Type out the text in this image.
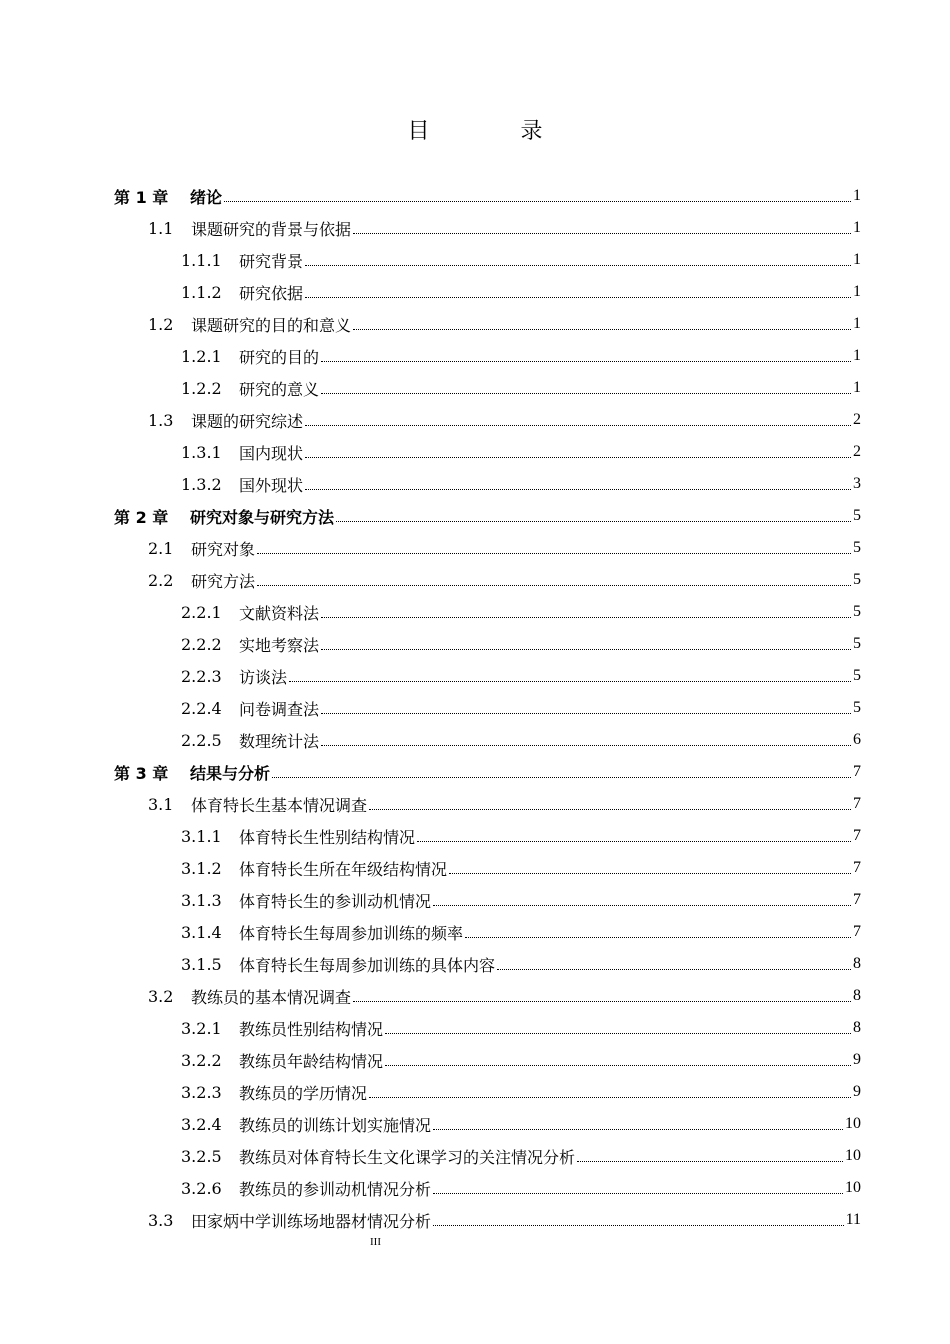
目 录
第 1 章	绪论	1
1.1	课题研究的背景与依据	1
1.1.1	研究背景	1
1.1.2	研究依据	1
1.2	课题研究的目的和意义	1
1.2.1	研究的目的	1
1.2.2	研究的意义	1
1.3	课题的研究综述	2
1.3.1	国内现状	2
1.3.2	国外现状	3
第 2 章	研究对象与研究方法	5
2.1	研究对象	5
2.2	研究方法	5
2.2.1	文献资料法	5
2.2.2	实地考察法	5
2.2.3	访谈法	5
2.2.4	问卷调查法	5
2.2.5	数理统计法	6
第 3 章	结果与分析	7
3.1	体育特长生基本情况调查	7
3.1.1	体育特长生性别结构情况	7
3.1.2	体育特长生所在年级结构情况	7
3.1.3	体育特长生的参训动机情况	7
3.1.4	体育特长生每周参加训练的频率	7
3.1.5	体育特长生每周参加训练的具体内容	8
3.2	教练员的基本情况调查	8
3.2.1	教练员性别结构情况	8
3.2.2	教练员年龄结构情况	9
3.2.3	教练员的学历情况	9
3.2.4	教练员的训练计划实施情况	10
3.2.5	教练员对体育特长生文化课学习的关注情况分析	10
3.2.6	教练员的参训动机情况分析	10
3.3	田家炳中学训练场地器材情况分析	11
III
